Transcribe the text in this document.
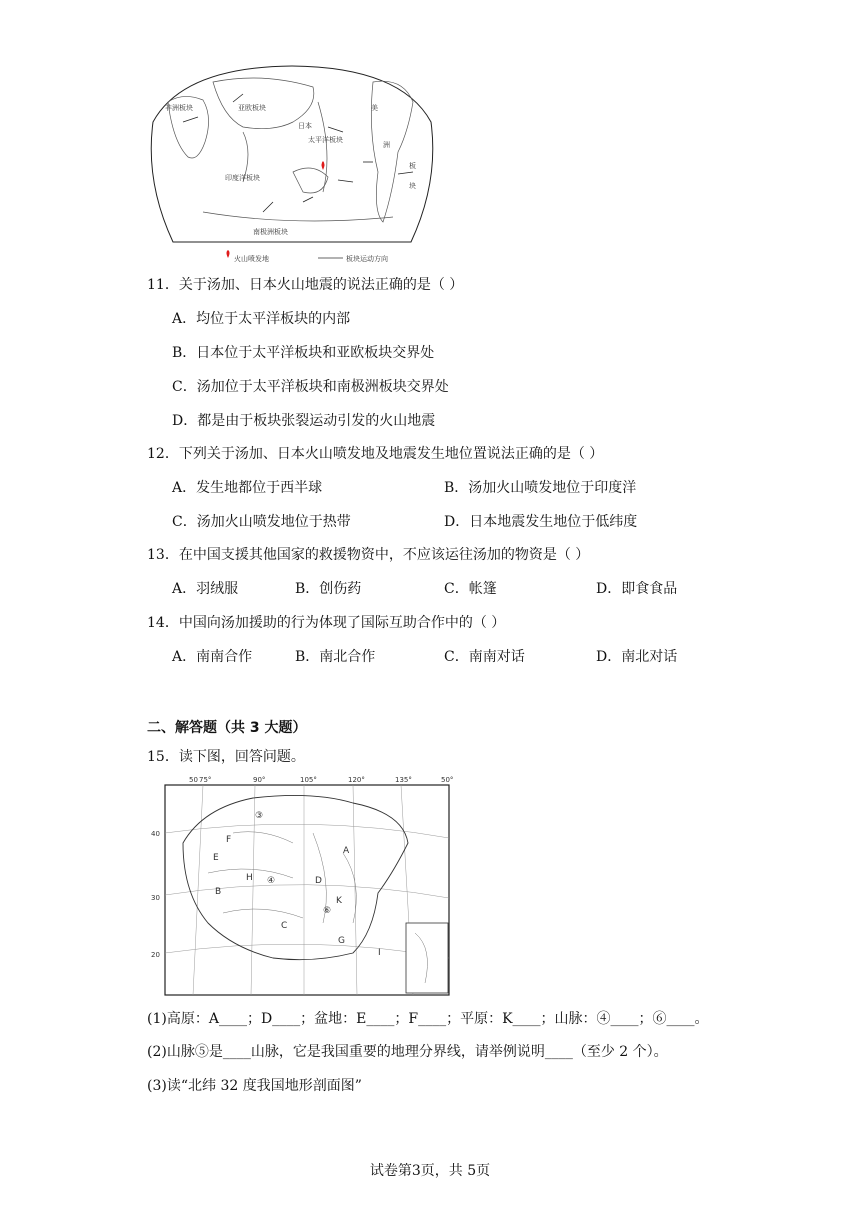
非洲板块	亚欧板块
日本
太平洋板块
美
洲
板
块
印度洋板块
南极洲板块
火山喷发地	板块运动方向
11．关于汤加、日本火山地震的说法正确的是（ ）
A．均位于太平洋板块的内部
B．日本位于太平洋板块和亚欧板块交界处
C．汤加位于太平洋板块和南极洲板块交界处
D．都是由于板块张裂运动引发的火山地震
12．下列关于汤加、日本火山喷发地及地震发生地位置说法正确的是（ ）
A．发生地都位于西半球	B．汤加火山喷发地位于印度洋
C．汤加火山喷发地位于热带	D．日本地震发生地位于低纬度
13．在中国支援其他国家的救援物资中，不应该运往汤加的物资是（ ）
A．羽绒服	B．创伤药	C．帐篷	D．即食食品
14．中国向汤加援助的行为体现了国际互助合作中的（ ）
A．南南合作	B．南北合作	C．南南对话	D．南北对话
二、解答题（共 3 大题）
15．读下图，回答问题。
50 75°	90°	105°	120°	135°	50°
40
30
20
F
E
B
H
A
D
C
K
G
I
③
④
⑥
(1)高原：A____；D____；盆地：E____；F____；平原：K____；山脉：④____；⑥____。
(2)山脉⑤是____山脉，它是我国重要的地理分界线，请举例说明____（至少 2 个）。
(3)读“北纬 32 度我国地形剖面图”
试卷第3页，共 5页
